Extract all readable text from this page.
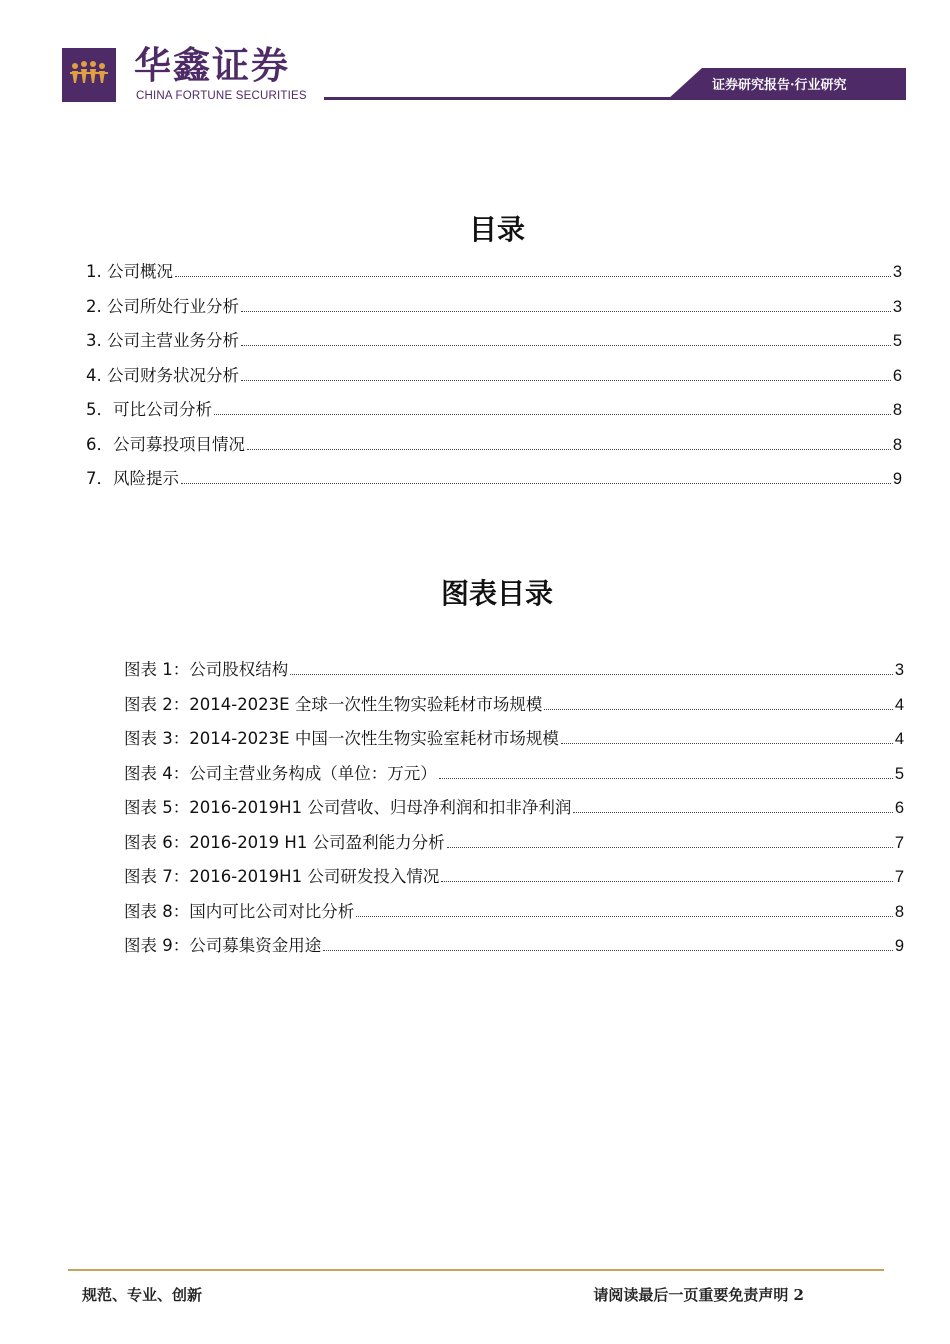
华鑫证券
CHINA FORTUNE SECURITIES
证券研究报告·行业研究
目录
1. 公司概况	3
2. 公司所处行业分析	3
3. 公司主营业务分析	5
4. 公司财务状况分析	6
5．可比公司分析	8
6．公司募投项目情况	8
7．风险提示	9
图表目录
图表 1：公司股权结构	3
图表 2：2014-2023E 全球一次性生物实验耗材市场规模	4
图表 3：2014-2023E 中国一次性生物实验室耗材市场规模	4
图表 4：公司主营业务构成（单位：万元）	5
图表 5：2016-2019H1 公司营收、归母净利润和扣非净利润	6
图表 6：2016-2019 H1 公司盈利能力分析	7
图表 7：2016-2019H1 公司研发投入情况	7
图表 8：国内可比公司对比分析	8
图表 9：公司募集资金用途	9
规范、专业、创新	请阅读最后一页重要免责声明 2
